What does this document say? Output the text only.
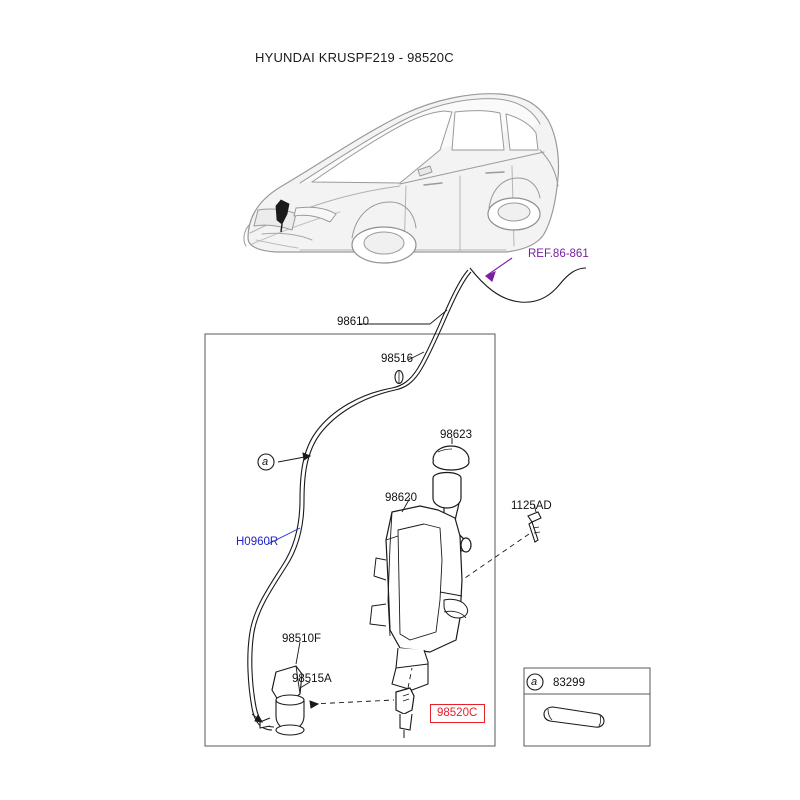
HYUNDAI KRUSPF219 - 98520C
REF.86-861
98610
98516
98623
98620
1125AD
H0960R
98510F
98515A	83299
a
a
98520C
